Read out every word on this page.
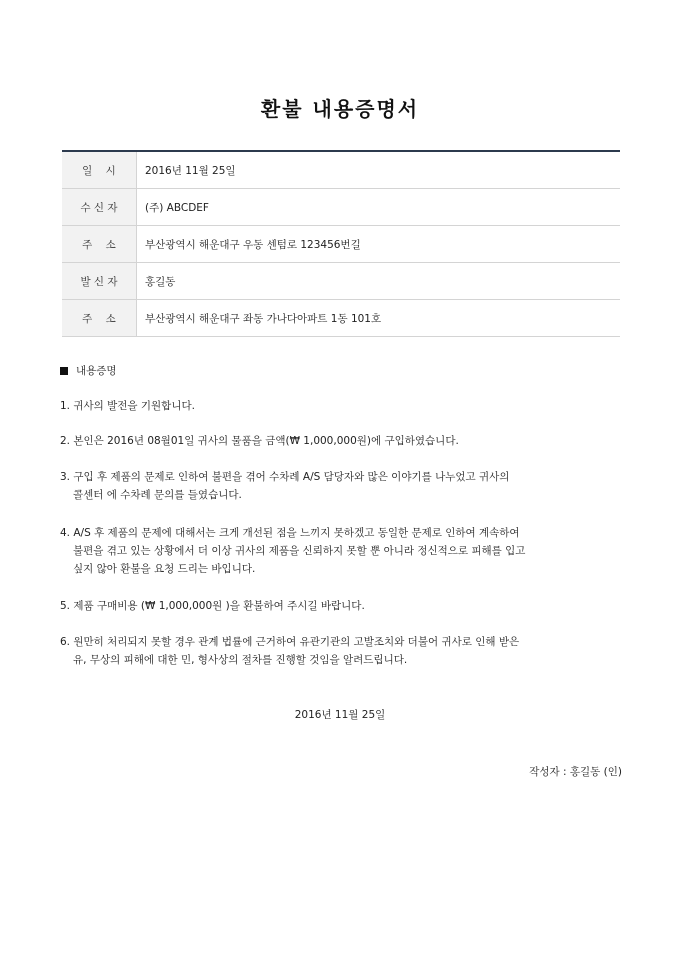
환불 내용증명서
일    시	2016년 11월 25일
수 신 자	(주) ABCDEF
주    소	부산광역시 해운대구 우동 센텀로 123456번길
발 신 자	홍길동
주    소	부산광역시 해운대구 좌동 가나다아파트 1동 101호
내용증명
1. 귀사의 발전을 기원합니다.
2. 본인은 2016년 08월01일 귀사의 물품을 금액(₩ 1,000,000원)에 구입하였습니다.
3. 구입 후 제품의 문제로 인하여 불편을 겪어 수차례 A/S 담당자와 많은 이야기를 나누었고 귀사의
콜센터 에 수차례 문의를 들였습니다.
4. A/S 후 제품의 문제에 대해서는 크게 개선된 점을 느끼지 못하겠고 동일한 문제로 인하여 계속하여
불편을 겪고 있는 상황에서 더 이상 귀사의 제품을 신뢰하지 못할 뿐 아니라 정신적으로 피해를 입고
싶지 않아 환불을 요청 드리는 바입니다.
5. 제품 구매비용 (₩ 1,000,000원 )을 환불하여 주시길 바랍니다.
6. 원만히 처리되지 못할 경우 관계 법률에 근거하여 유관기관의 고발조치와 더불어 귀사로 인해 받은
유, 무상의 피해에 대한 민, 형사상의 절차를 진행할 것임을 알려드립니다.
2016년 11월 25일
작성자 : 홍길동 (인)
